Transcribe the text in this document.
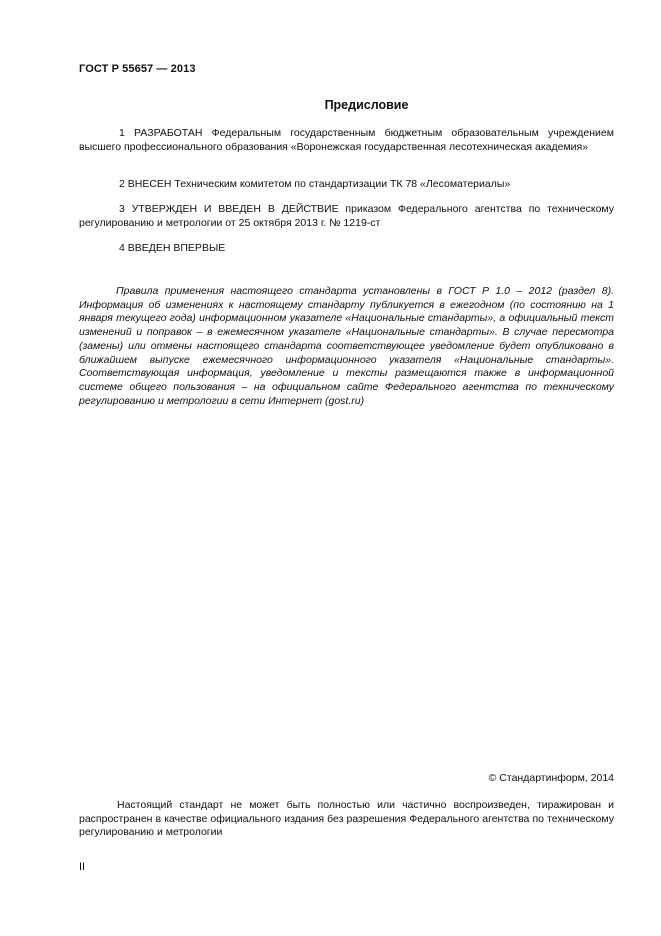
ГОСТ Р 55657 — 2013
Предисловие
1 РАЗРАБОТАН Федеральным государственным бюджетным образовательным учреждением высшего профессионального образования «Воронежская государственная лесотехническая академия»
2 ВНЕСЕН Техническим комитетом по стандартизации ТК 78 «Лесоматериалы»
3 УТВЕРЖДЕН И ВВЕДЕН В ДЕЙСТВИЕ приказом Федерального агентства по техническому регулированию и метрологии от 25 октября 2013 г. № 1219-ст
4 ВВЕДЕН ВПЕРВЫЕ
Правила применения настоящего стандарта установлены в ГОСТ Р 1.0 – 2012 (раздел 8). Информация об изменениях к настоящему стандарту публикуется в ежегодном (по состоянию на 1 января текущего года) информационном указателе «Национальные стандарты», а официальный текст изменений и поправок – в ежемесячном указателе «Национальные стандарты». В случае пересмотра (замены) или отмены настоящего стандарта соответствующее уведомление будет опубликовано в ближайшем выпуске ежемесячного информационного указателя «Национальные стандарты». Соответствующая информация, уведомление и тексты размещаются также в информационной системе общего пользования – на официальном сайте Федерального агентства по техническому регулированию и метрологии в сети Интернет (gost.ru)
© Стандартинформ, 2014
Настоящий стандарт не может быть полностью или частично воспроизведен, тиражирован и распространен в качестве официального издания без разрешения Федерального агентства по техническому регулированию и метрологии
II
